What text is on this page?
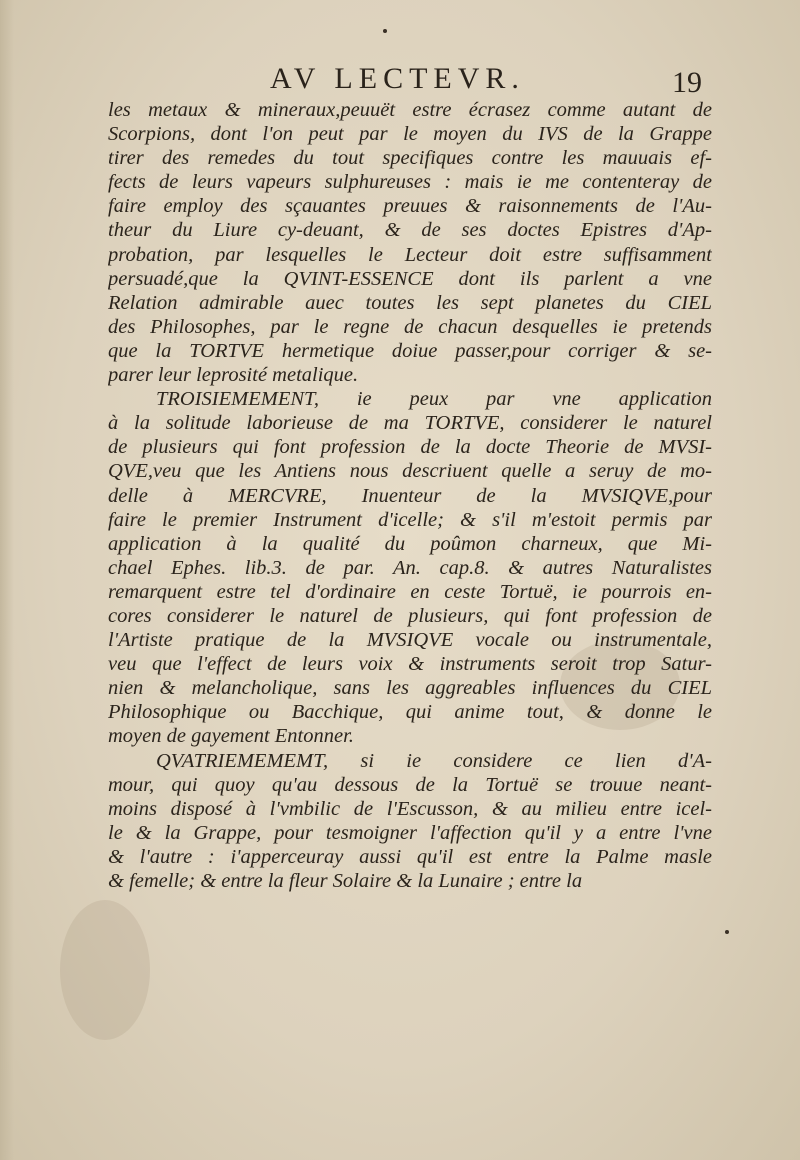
AV LECTEVR.	19
les metaux & mineraux,peuuët estre écrasez comme autant de
Scorpions, dont l'on peut par le moyen du IVS de la Grappe
tirer des remedes du tout specifiques contre les mauuais ef-
fects de leurs vapeurs sulphureuses : mais ie me contenteray de
faire employ des sçauantes preuues & raisonnements de l'Au-
theur du Liure cy-deuant, & de ses doctes Epistres d'Ap-
probation, par lesquelles le Lecteur doit estre suffisamment
persuadé,que la QVINT-ESSENCE dont ils parlent a vne
Relation admirable auec toutes les sept planetes du CIEL
des Philosophes, par le regne de chacun desquelles ie pretends
que la TORTVE hermetique doiue passer,pour corriger & se-
parer leur leprosité metalique.
TROISIEMEMENT, ie peux par vne application
à la solitude laborieuse de ma TORTVE, considerer le naturel
de plusieurs qui font profession de la docte Theorie de MVSI-
QVE,veu que les Antiens nous descriuent quelle a seruy de mo-
delle à MERCVRE, Inuenteur de la MVSIQVE,pour
faire le premier Instrument d'icelle; & s'il m'estoit permis par
application à la qualité du poûmon charneux, que Mi-
chael Ephes. lib.3. de par. An. cap.8. & autres Naturalistes
remarquent estre tel d'ordinaire en ceste Tortuë, ie pourrois en-
cores considerer le naturel de plusieurs, qui font profession de
l'Artiste pratique de la MVSIQVE vocale ou instrumentale,
veu que l'effect de leurs voix & instruments seroit trop Satur-
nien & melancholique, sans les aggreables influences du CIEL
Philosophique ou Bacchique, qui anime tout, & donne le
moyen de gayement Entonner.
QVATRIEMEMEMT, si ie considere ce lien d'A-
mour, qui quoy qu'au dessous de la Tortuë se trouue neant-
moins disposé à l'vmbilic de l'Escusson, & au milieu entre icel-
le & la Grappe, pour tesmoigner l'affection qu'il y a entre l'vne
& l'autre : i'apperceuray aussi qu'il est entre la Palme masle
& femelle; & entre la fleur Solaire & la Lunaire ; entre la
